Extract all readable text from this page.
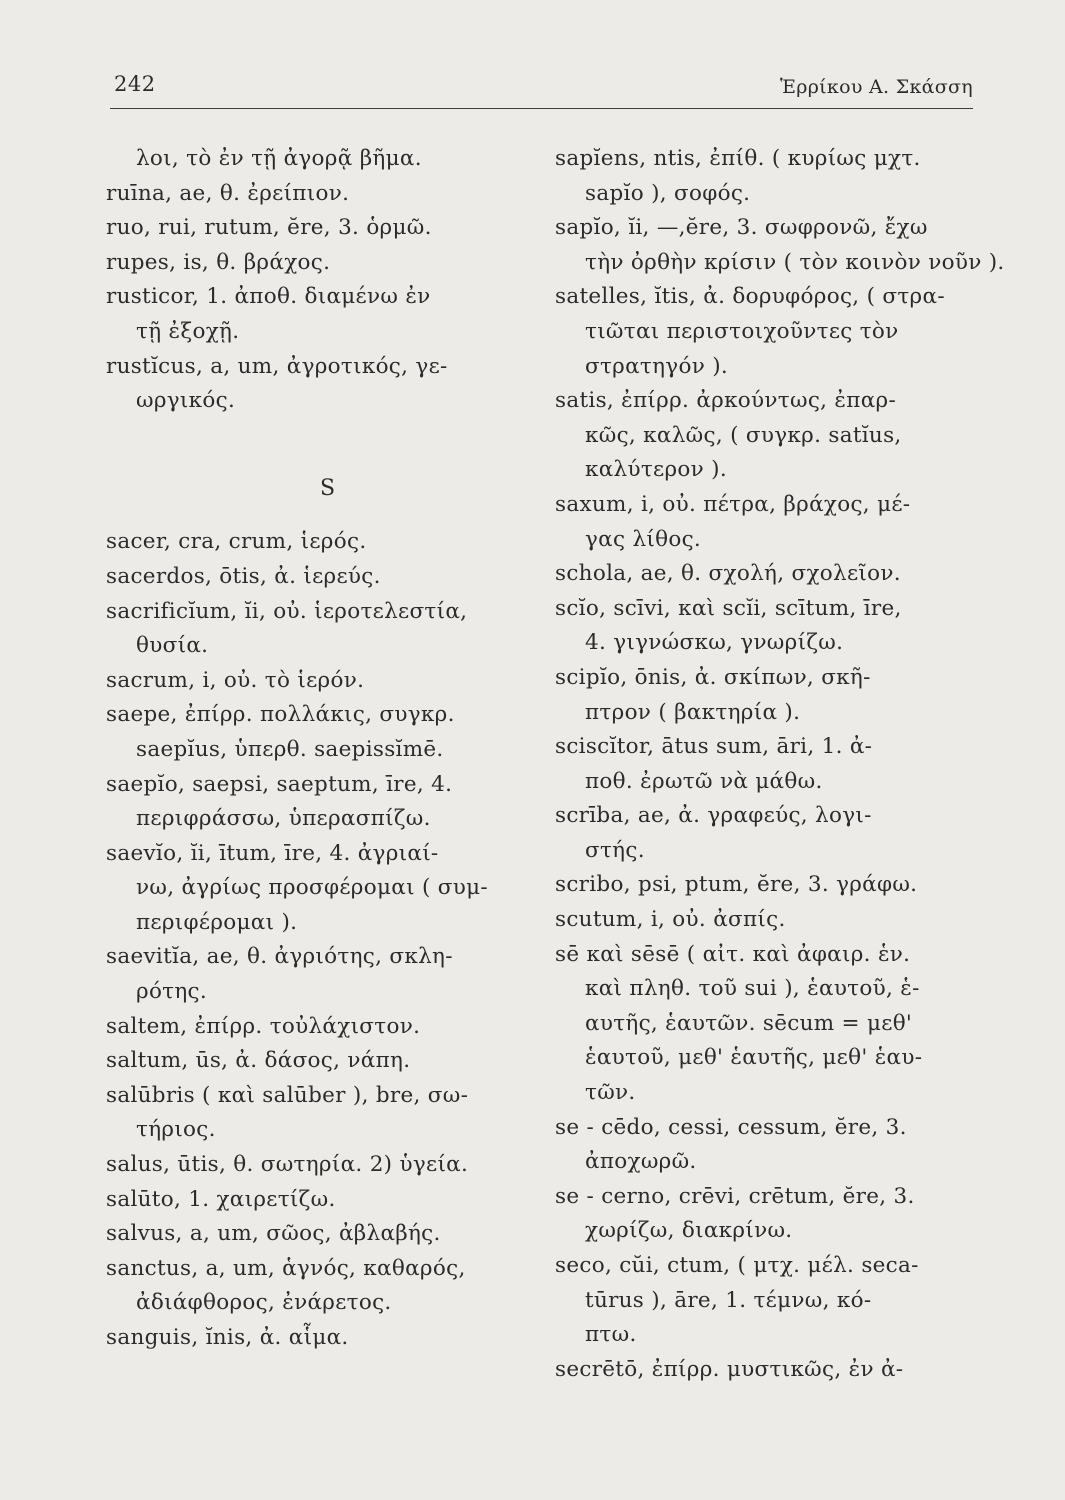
242	Ἑρρίκου Α. Σκάσση
λοι, τὸ ἐν τῇ ἀγορᾷ βῆμα.
ruīna, ae, θ. ἐρείπιον.
ruo, rui, rutum, ĕre, 3. ὁρμῶ.
rupes, is, θ. βράχος.
rusticor, 1. ἀποθ. διαμένω ἐν
τῇ ἐξοχῇ.
rustĭcus, a, um, ἀγροτικός, γε-
ωργικός.
S
sacer, cra, crum, ἱερός.
sacerdos, ōtis, ἀ. ἱερεύς.
sacrificĭum, ĭi, οὐ. ἱεροτελεστία,
θυσία.
sacrum, i, οὐ. τὸ ἱερόν.
saepe, ἐπίρρ. πολλάκις, συγκρ.
saepĭus, ὑπερθ. saepissĭmē.
saepĭo, saepsi, saeptum, īre, 4.
περιφράσσω, ὑπερασπίζω.
saevĭo, ĭi, ītum, īre, 4. ἀγριαί-
νω, ἀγρίως προσφέρομαι ( συμ-
περιφέρομαι ).
saevitĭa, ae, θ. ἀγριότης, σκλη-
ρότης.
saltem, ἐπίρρ. τοὐλάχιστον.
saltum, ūs, ἀ. δάσος, νάπη.
salūbris ( καὶ salūber ), bre, σω-
τήριος.
salus, ūtis, θ. σωτηρία. 2) ὑγεία.
salūto, 1. χαιρετίζω.
salvus, a, um, σῶος, ἀβλαβής.
sanctus, a, um, ἁγνός, καθαρός,
ἀδιάφθορος, ἐνάρετος.
sanguis, ĭnis, ἀ. αἷμα.
sapĭens, ntis, ἐπίθ. ( κυρίως μχτ.
sapĭo ), σοφός.
sapĭo, ĭi, —,ĕre, 3. σωφρονῶ, ἔχω
τὴν ὀρθὴν κρίσιν ( τὸν κοινὸν νοῦν ).
satelles, ĭtis, ἀ. δορυφόρος, ( στρα-
τιῶται περιστοιχοῦντες τὸν
στρατηγόν ).
satis, ἐπίρρ. ἀρκούντως, ἐπαρ-
κῶς, καλῶς, ( συγκρ. satĭus,
καλύτερον ).
saxum, i, οὐ. πέτρα, βράχος, μέ-
γας λίθος.
schola, ae, θ. σχολή, σχολεῖον.
scĭo, scīvi, καὶ scĭi, scītum, īre,
4. γιγνώσκω, γνωρίζω.
scipĭo, ōnis, ἀ. σκίπων, σκῆ-
πτρον ( βακτηρία ).
sciscĭtor, ātus sum, āri, 1. ἀ-
ποθ. ἐρωτῶ νὰ μάθω.
scrība, ae, ἀ. γραφεύς, λογι-
στής.
scribo, psi, ptum, ĕre, 3. γράφω.
scutum, i, οὐ. ἀσπίς.
sē καὶ sēsē ( αἰτ. καὶ ἀφαιρ. ἑν.
καὶ πληθ. τοῦ sui ), ἑαυτοῦ, ἑ-
αυτῆς, ἑαυτῶν. sēcum = μεθ'
ἑαυτοῦ, μεθ' ἑαυτῆς, μεθ' ἑαυ-
τῶν.
se - cēdo, cessi, cessum, ĕre, 3.
ἀποχωρῶ.
se - cerno, crēvi, crētum, ĕre, 3.
χωρίζω, διακρίνω.
seco, cŭi, ctum, ( μτχ. μέλ. seca-
tūrus ), āre, 1. τέμνω, κό-
πτω.
secrētō, ἐπίρρ. μυστικῶς, ἐν ἀ-
